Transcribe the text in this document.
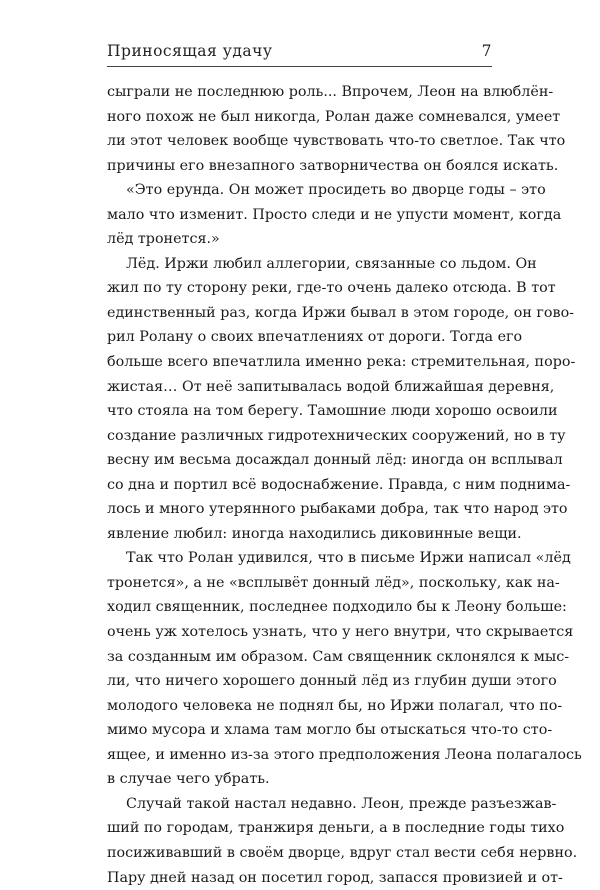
Приносящая удачу	7
сыграли не последнюю роль... Впрочем, Леон на влюблён-
ного похож не был никогда, Ролан даже сомневался, умеет
ли этот человек вообще чувствовать что-то светлое. Так что
причины его внезапного затворничества он боялся искать.
«Это ерунда. Он может просидеть во дворце годы – это
мало что изменит. Просто следи и не упусти момент, когда
лёд тронется.»
Лёд. Иржи любил аллегории, связанные со льдом. Он
жил по ту сторону реки, где-то очень далеко отсюда. В тот
единственный раз, когда Иржи бывал в этом городе, он гово-
рил Ролану о своих впечатлениях от дороги. Тогда его
больше всего впечатлила именно река: стремительная, поро-
жистая… От неё запитывалась водой ближайшая деревня,
что стояла на том берегу. Тамошние люди хорошо освоили
создание различных гидротехнических сооружений, но в ту
весну им весьма досаждал донный лёд: иногда он всплывал
со дна и портил всё водоснабжение. Правда, с ним поднима-
лось и много утерянного рыбаками добра, так что народ это
явление любил: иногда находились диковинные вещи.
Так что Ролан удивился, что в письме Иржи написал «лёд
тронется», а не «всплывёт донный лёд», поскольку, как на-
ходил священник, последнее подходило бы к Леону больше:
очень уж хотелось узнать, что у него внутри, что скрывается
за созданным им образом. Сам священник склонялся к мыс-
ли, что ничего хорошего донный лёд из глубин души этого
молодого человека не поднял бы, но Иржи полагал, что по-
мимо мусора и хлама там могло бы отыскаться что-то сто-
ящее, и именно из-за этого предположения Леона полагалось
в случае чего убрать.
Случай такой настал недавно. Леон, прежде разъезжав-
ший по городам, транжиря деньги, а в последние годы тихо
посиживавший в своём дворце, вдруг стал вести себя нервно.
Пару дней назад он посетил город, запасся провизией и от-
